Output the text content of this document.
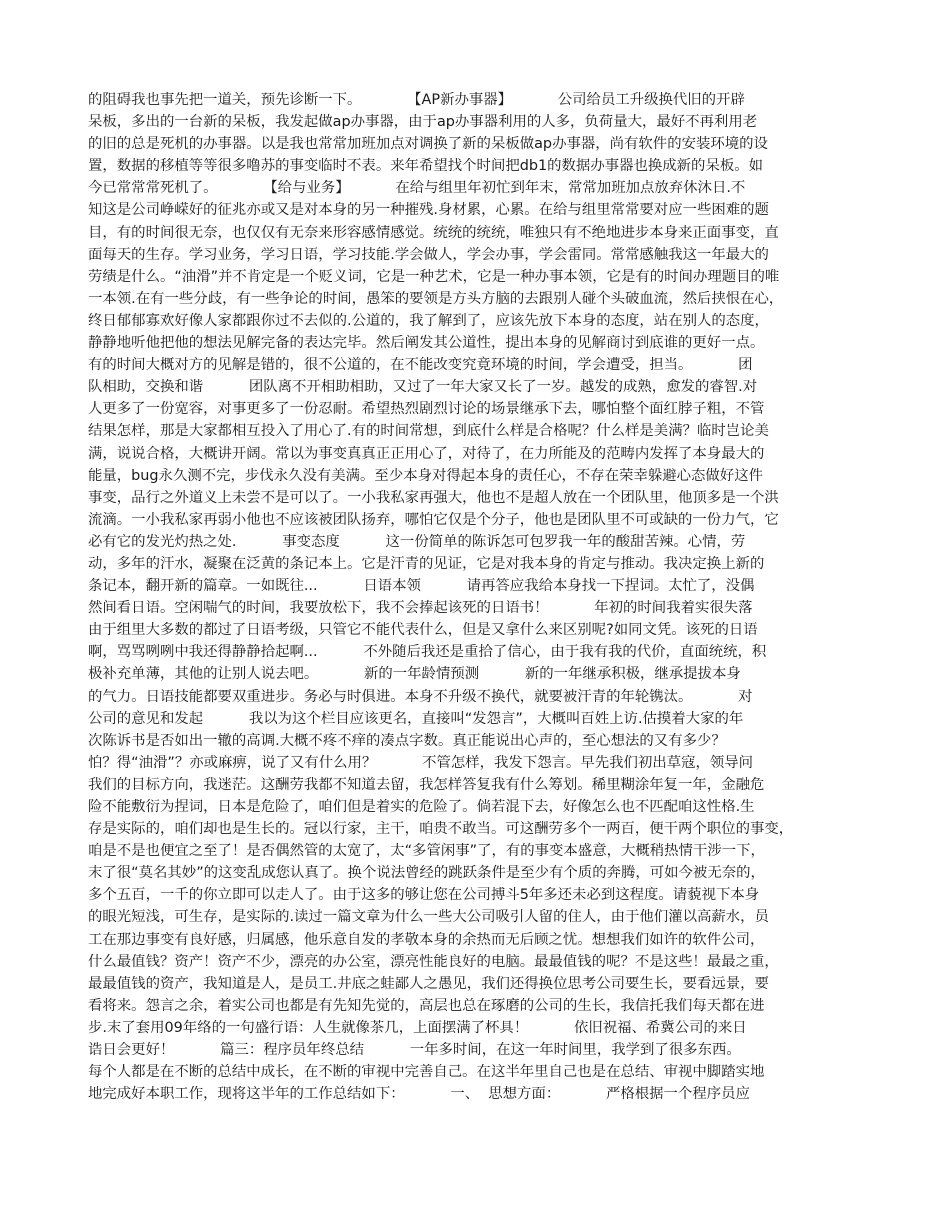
的阻碍我也事先把一道关，预先诊断一下。          【AP新办事器】          公司给员工升级换代旧的开辟
呆板，多出的一台新的呆板，我发起做ap办事器，由于ap办事器利用的人多，负荷量大，最好不再利用老
的旧的总是死机的办事器。以是我也常常加班加点对调换了新的呆板做ap办事器，尚有软件的安装环境的设
置，数据的移植等等很多噜苏的事变临时不表。来年希望找个时间把db1的数据办事器也换成新的呆板。如
今已常常常死机了。          【给与业务】          在给与组里年初忙到年末，常常加班加点放弃休沐日.不
知这是公司峥嵘好的征兆亦或又是对本身的另一种摧残.身材累，心累。在给与组里常常要对应一些困难的题
目，有的时间很无奈，也仅仅有无奈来形容感情感觉。统统的统统，唯独只有不绝地进步本身来正面事变，直
面每天的生存。学习业务，学习日语，学习技能.学会做人，学会办事，学会雷同。常常感触我这一年最大的
劳绩是什么。“油滑”并不肯定是一个贬义词，它是一种艺术，它是一种办事本领，它是有的时间办理题目的唯
一本领.在有一些分歧，有一些争论的时间，愚笨的要领是方头方脑的去跟别人碰个头破血流，然后挟恨在心，
终日郁郁寡欢好像人家都跟你过不去似的.公道的，我了解到了，应该先放下本身的态度，站在别人的态度，
静静地听他把他的想法见解完备的表达完毕。然后阐发其公道性，提出本身的见解商讨到底谁的更好一点。
有的时间大概对方的见解是错的，很不公道的，在不能改变究竟环境的时间，学会遭受，担当。          团
队相助，交换和谐          团队离不开相助相助，又过了一年大家又长了一岁。越发的成熟，愈发的睿智.对
人更多了一份宽容，对事更多了一份忍耐。希望热烈剧烈讨论的场景继承下去，哪怕整个面红脖子粗，不管
结果怎样，那是大家都相互投入了用心了.有的时间常想，到底什么样是合格呢？什么样是美满？临时岂论美
满，说说合格，大概讲开阔。常以为事变真真正正用心了，对待了，在力所能及的范畴内发挥了本身最大的
能量，bug永久测不完，步伐永久没有美满。至少本身对得起本身的责任心，不存在荣幸躲避心态做好这件
事变，品行之外道义上未尝不是可以了。一小我私家再强大，他也不是超人放在一个团队里，他顶多是一个洪
流滴。一小我私家再弱小他也不应该被团队扬弃，哪怕它仅是个分子，他也是团队里不可或缺的一份力气，它
必有它的发光灼热之处.          事变态度          这一份简单的陈诉怎可包罗我一年的酸甜苦辣。心情，劳
动，多年的汗水，凝聚在泛黄的条记本上。它是汗青的见证，它是对我本身的肯定与推动。我决定换上新的
条记本，翻开新的篇章。一如既往...          日语本领          请再答应我给本身找一下捏词。太忙了，没偶
然间看日语。空闲喘气的时间，我要放松下，我不会捧起该死的日语书！          年初的时间我着实很失落
由于组里大多数的都过了日语考级，只管它不能代表什么，但是又拿什么来区别呢?如同文凭。该死的日语
啊，骂骂咧咧中我还得静静拾起啊...          不外随后我还是重拾了信心，由于我有我的代价，直面统统，积
极补充单薄，其他的让别人说去吧。          新的一年龄情预测          新的一年继承积极，继承提拔本身
的气力。日语技能都要双重进步。务必与时俱进。本身不升级不换代，就要被汗青的年轮镌汰。          对
公司的意见和发起          我以为这个栏目应该更名，直接叫“发怨言”，大概叫百姓上访.估摸着大家的年
次陈诉书是否如出一辙的高调.大概不疼不痒的凑点字数。真正能说出心声的，至心想法的又有多少？
怕？得“油滑”？亦或麻痹，说了又有什么用？          不管怎样，我发下怨言。早先我们初出草寇，领导问
我们的目标方向，我迷茫。这酬劳我都不知道去留，我怎样答复我有什么筹划。稀里糊涂年复一年，金融危
险不能敷衍为捏词，日本是危险了，咱们但是着实的危险了。倘若混下去，好像怎么也不匹配咱这性格.生
存是实际的，咱们却也是生长的。冠以行家，主干，咱贵不敢当。可这酬劳多个一两百，便干两个职位的事变，
咱是不是也便宜之至了！是否偶然管的太宽了，太“多管闲事”了，有的事变本盛意，大概稍热情干涉一下，
末了很“莫名其妙”的这变乱成您认真了。换个说法曾经的跳跃条件是至少有个质的奔腾，可如今被无奈的，
多个五百，一千的你立即可以走人了。由于这多的够让您在公司搏斗5年多还未必到这程度。请藐视下本身
的眼光短浅，可生存，是实际的.读过一篇文章为什么一些大公司吸引人留的住人，由于他们灌以高薪水，员
工在那边事变有良好感，归属感，他乐意自发的孝敬本身的余热而无后顾之忧。想想我们如许的软件公司，
什么最值钱？资产！资产不少，漂亮的办公室，漂亮性能良好的电脑。最最值钱的呢？不是这些！最最之重，
最最值钱的资产，我知道是人，是员工.井底之蛙鄙人之愚见，我们还得换位思考公司要生长，要看远景，要
看将来。怨言之余，着实公司也都是有先知先觉的，高层也总在琢磨的公司的生长，我信托我们每天都在进
步.末了套用09年络的一句盛行语：人生就像茶几，上面摆满了杯具！          依旧祝福、希冀公司的来日
诰日会更好！          篇三：程序员年终总结          一年多时间，在这一年时间里，我学到了很多东西。
每个人都是在不断的总结中成长，在不断的审视中完善自己。在这半年里自己也是在总结、审视中脚踏实地
地完成好本职工作，现将这半年的工作总结如下：          一、  思想方面：          严格根据一个程序员应
